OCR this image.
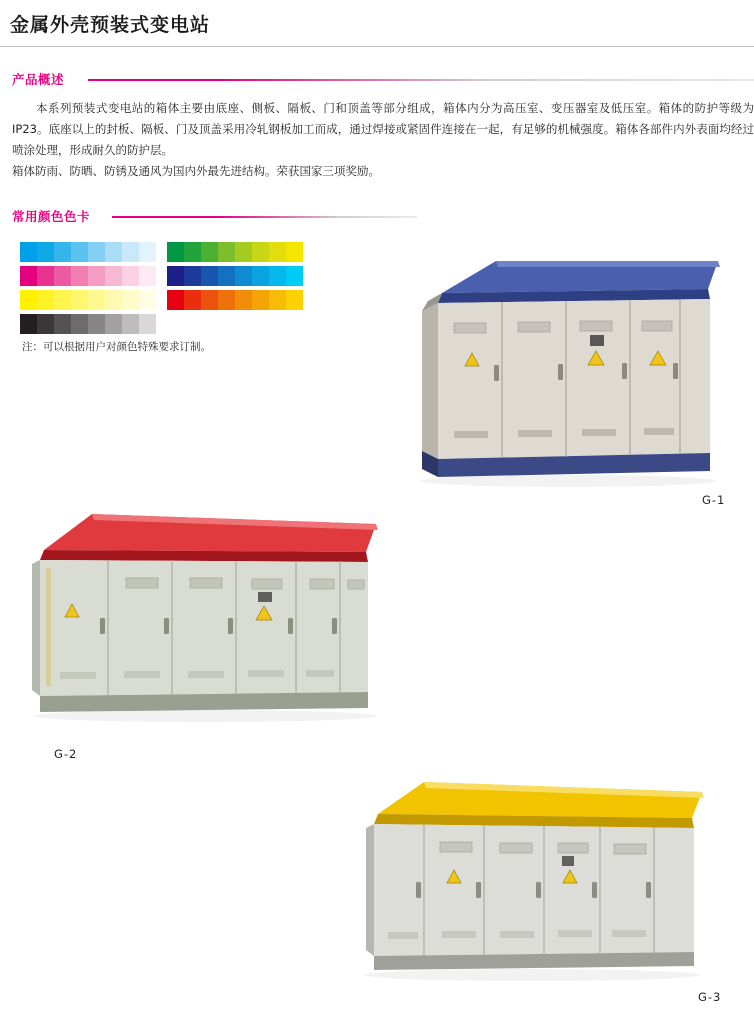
金属外壳预装式变电站
产品概述

本系列预装式变电站的箱体主要由底座、侧板、隔板、门和顶盖等部分组成，箱体内分为高压室、变压器室及低压室。箱体的防护等级为IP23。底座以上的封板、隔板、门及顶盖采用冷轧钢板加工而成，通过焊接或紧固件连接在一起，有足够的机械强度。箱体各部件内外表面均经过喷涂处理，形成耐久的防护层。

箱体防雨、防晒、防锈及通风为国内外最先进结构。荣获国家三项奖励。

常用颜色色卡
注：可以根据用户对颜色特殊要求订制。
G-1
G-2
G-3
